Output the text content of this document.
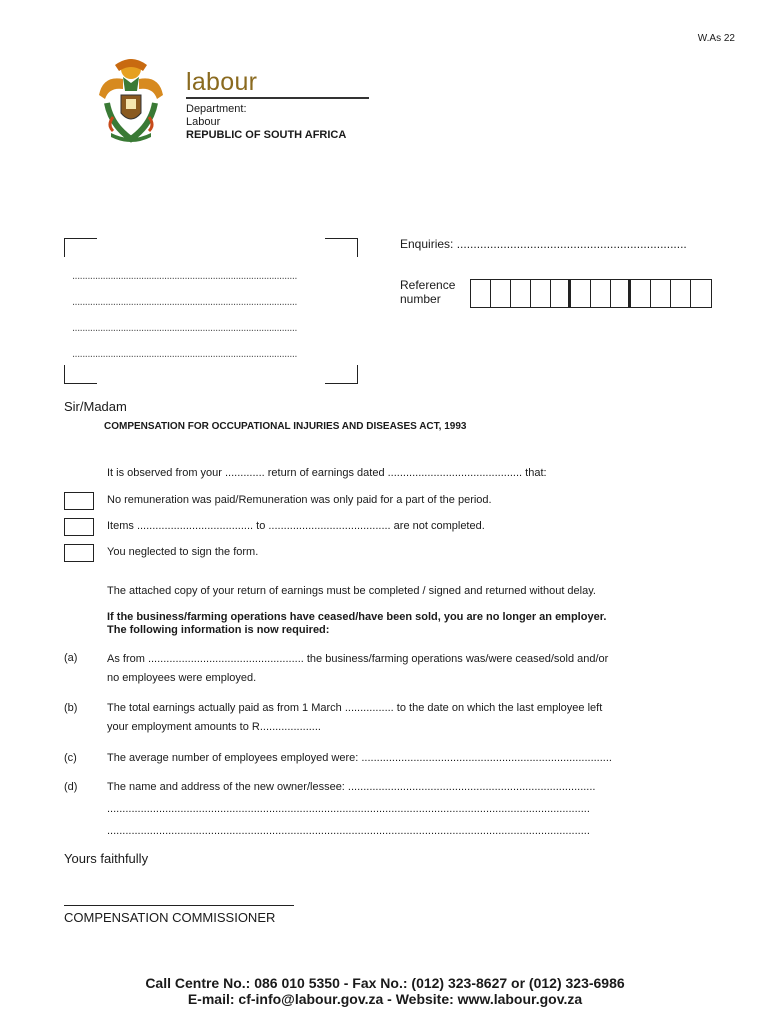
W.As 22
labour
Department:
Labour
REPUBLIC OF SOUTH AFRICA
........................................................................................
........................................................................................
........................................................................................
........................................................................................
Enquiries: .....................................................................
Reference
number
Sir/Madam
COMPENSATION FOR OCCUPATIONAL INJURIES AND DISEASES ACT, 1993
It is observed from your ............. return of earnings dated ............................................ that:
No remuneration was paid/Remuneration was only paid for a part of the period.
Items ...................................... to ........................................ are not completed.
You neglected to sign the form.
The attached copy of your return of earnings must be completed / signed and returned without delay.
If the business/farming operations have ceased/have been sold, you are no longer an employer.
The following information is now required:
(a)	As from ................................................... the business/farming operations was/were ceased/sold and/or
no employees were employed.
(b)	The total earnings actually paid as from 1 March ................ to the date on which the last employee left
your employment amounts to R....................
(c)	The average number of employees employed were: ..................................................................................
(d)	The name and address of the new owner/lessee: .................................................................................
..............................................................................................................................................................
..............................................................................................................................................................
Yours faithfully
COMPENSATION COMMISSIONER
Call Centre No.: 086 010 5350 - Fax No.: (012) 323-8627 or (012) 323-6986
E-mail: cf-info@labour.gov.za - Website: www.labour.gov.za
